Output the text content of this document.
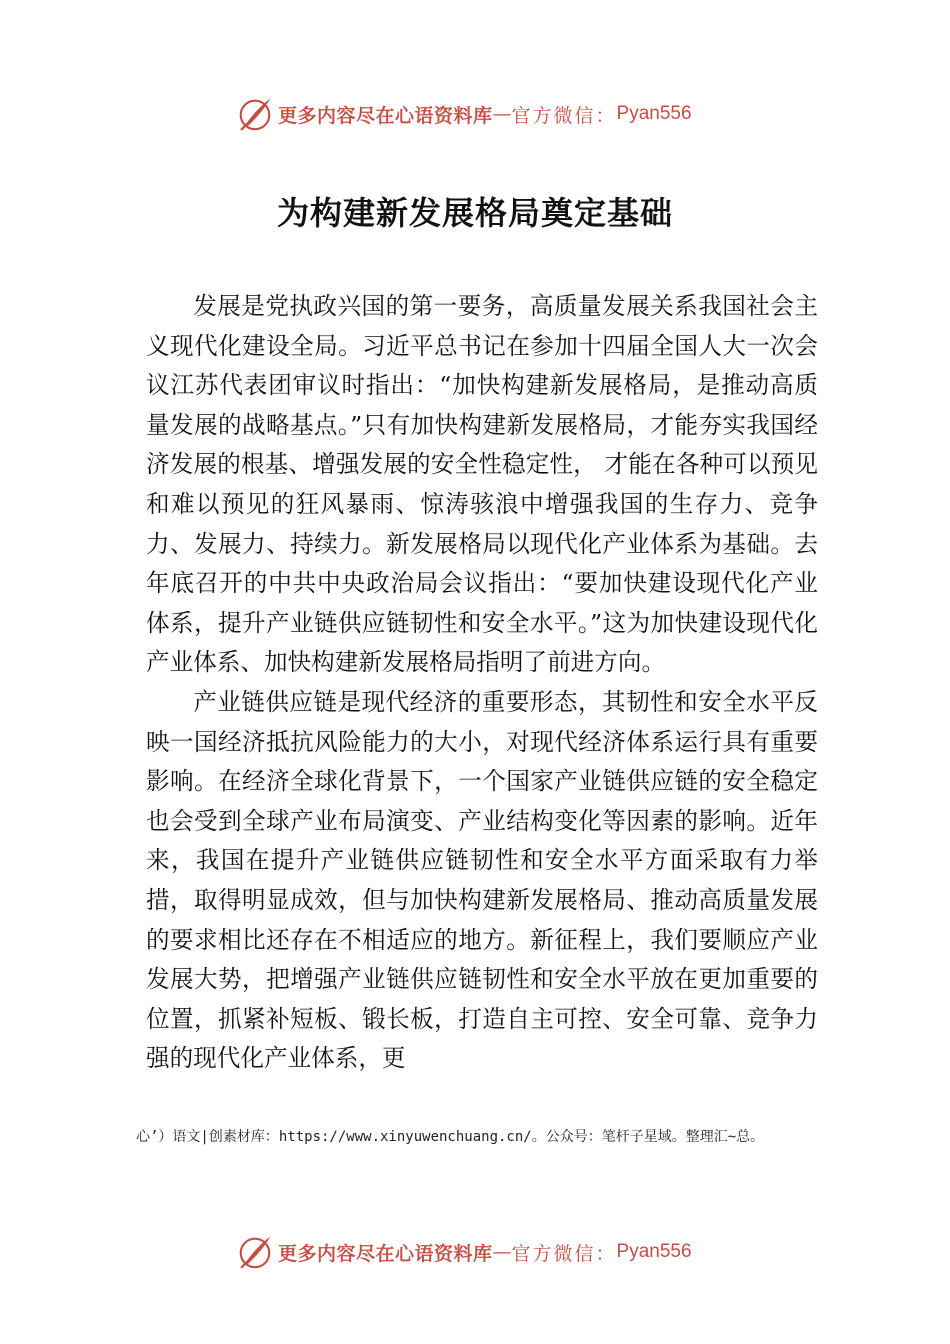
更多内容尽在心语资料库 — 官方微信： Pyan556
为构建新发展格局奠定基础

发展是党执政兴国的第一要务，高质量发展关系我国社会主义现代化建设全局。习近平总书记在参加十四届全国人大一次会议江苏代表团审议时指出：“加快构建新发展格局，是推动高质量发展的战略基点。”只有加快构建新发展格局，才能夯实我国经济发展的根基、增强发展的安全性稳定性， 才能在各种可以预见和难以预见的狂风暴雨、惊涛骇浪中增强我国的生存力、竞争力、发展力、持续力。新发展格局以现代化产业体系为基础。去年底召开的中共中央政治局会议指出：“要加快建设现代化产业体系，提升产业链供应链韧性和安全水平。”这为加快建设现代化产业体系、加快构建新发展格局指明了前进方向。

产业链供应链是现代经济的重要形态，其韧性和安全水平反映一国经济抵抗风险能力的大小，对现代经济体系运行具有重要影响。在经济全球化背景下，一个国家产业链供应链的安全稳定也会受到全球产业布局演变、产业结构变化等因素的影响。近年来，我国在提升产业链供应链韧性和安全水平方面采取有力举措，取得明显成效，但与加快构建新发展格局、推动高质量发展的要求相比还存在不相适应的地方。新征程上，我们要顺应产业发展大势，把增强产业链供应链韧性和安全水平放在更加重要的位置，抓紧补短板、锻长板，打造自主可控、安全可靠、竞争力强的现代化产业体系，更

心’）语文|创素材库：https://www.xinyuwenchuang.cn/。公众号：笔杆子星域。整理汇~总。
更多内容尽在心语资料库 — 官方微信： Pyan556
